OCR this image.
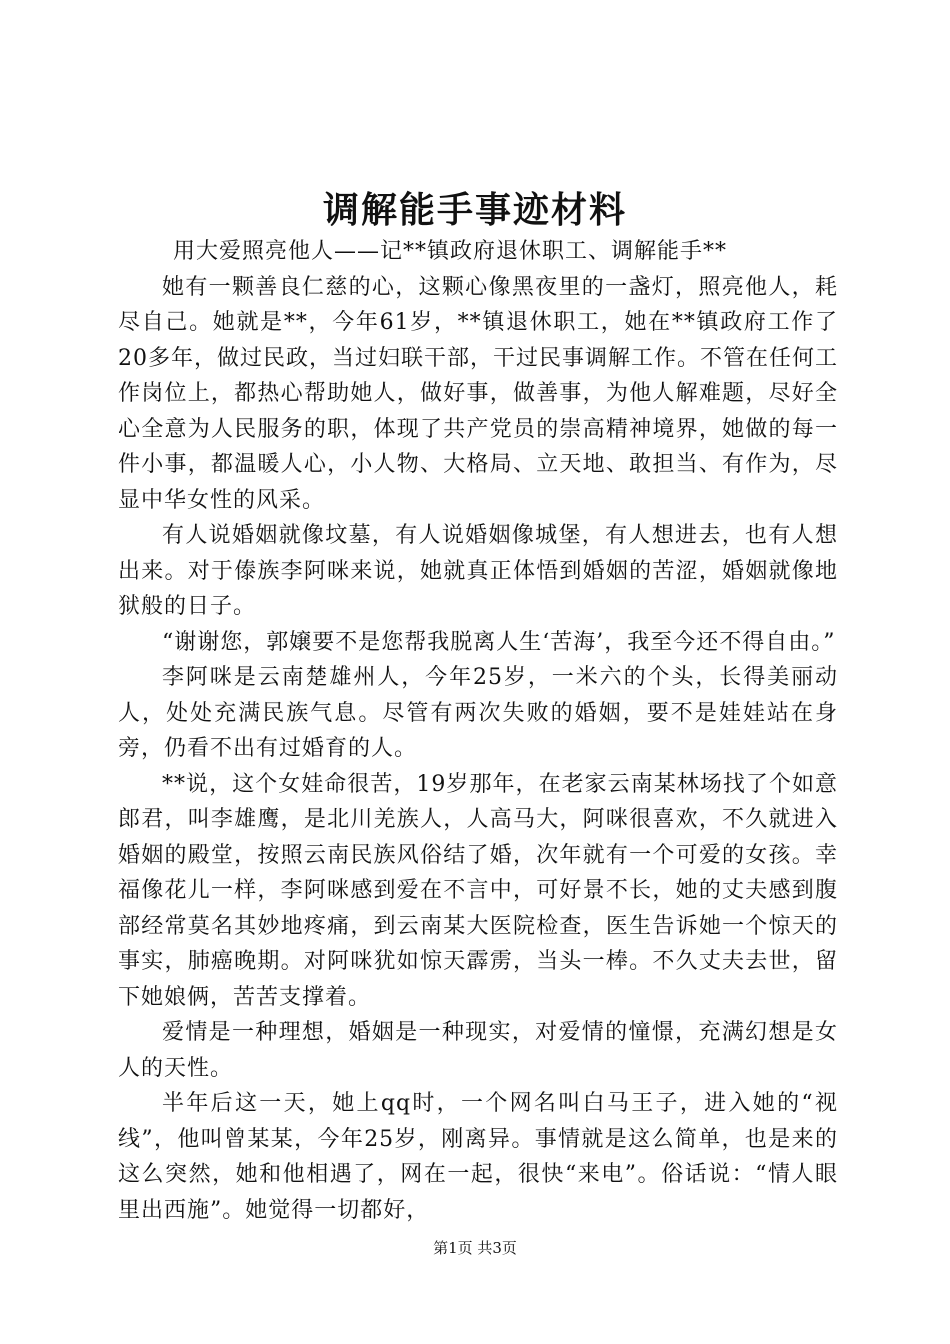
调解能手事迹材料

用大爱照亮他人——记**镇政府退休职工、调解能手**

她有一颗善良仁慈的心，这颗心像黑夜里的一盏灯，照亮他人，耗尽自己。她就是**，今年61岁，**镇退休职工，她在**镇政府工作了20多年，做过民政，当过妇联干部，干过民事调解工作。不管在任何工作岗位上，都热心帮助她人，做好事，做善事，为他人解难题，尽好全心全意为人民服务的职，体现了共产党员的崇高精神境界，她做的每一件小事，都温暖人心，小人物、大格局、立天地、敢担当、有作为，尽显中华女性的风采。

有人说婚姻就像坟墓，有人说婚姻像城堡，有人想进去，也有人想出来。对于傣族李阿咪来说，她就真正体悟到婚姻的苦涩，婚姻就像地狱般的日子。

“谢谢您，郭嬢要不是您帮我脱离人生‘苦海’，我至今还不得自由。”

李阿咪是云南楚雄州人，今年25岁，一米六的个头，长得美丽动人，处处充满民族气息。尽管有两次失败的婚姻，要不是娃娃站在身旁，仍看不出有过婚育的人。

**说，这个女娃命很苦，19岁那年，在老家云南某林场找了个如意郎君，叫李雄鹰，是北川羌族人，人高马大，阿咪很喜欢，不久就进入婚姻的殿堂，按照云南民族风俗结了婚，次年就有一个可爱的女孩。幸福像花儿一样，李阿咪感到爱在不言中，可好景不长，她的丈夫感到腹部经常莫名其妙地疼痛，到云南某大医院检查，医生告诉她一个惊天的事实，肺癌晚期。对阿咪犹如惊天霹雳，当头一棒。不久丈夫去世，留下她娘俩，苦苦支撑着。

爱情是一种理想，婚姻是一种现实，对爱情的憧憬，充满幻想是女人的天性。

半年后这一天，她上qq时，一个网名叫白马王子，进入她的“视线”，他叫曾某某，今年25岁，刚离异。事情就是这么简单，也是来的这么突然，她和他相遇了，网在一起，很快“来电”。俗话说：“情人眼里出西施”。她觉得一切都好，

第1页 共3页
